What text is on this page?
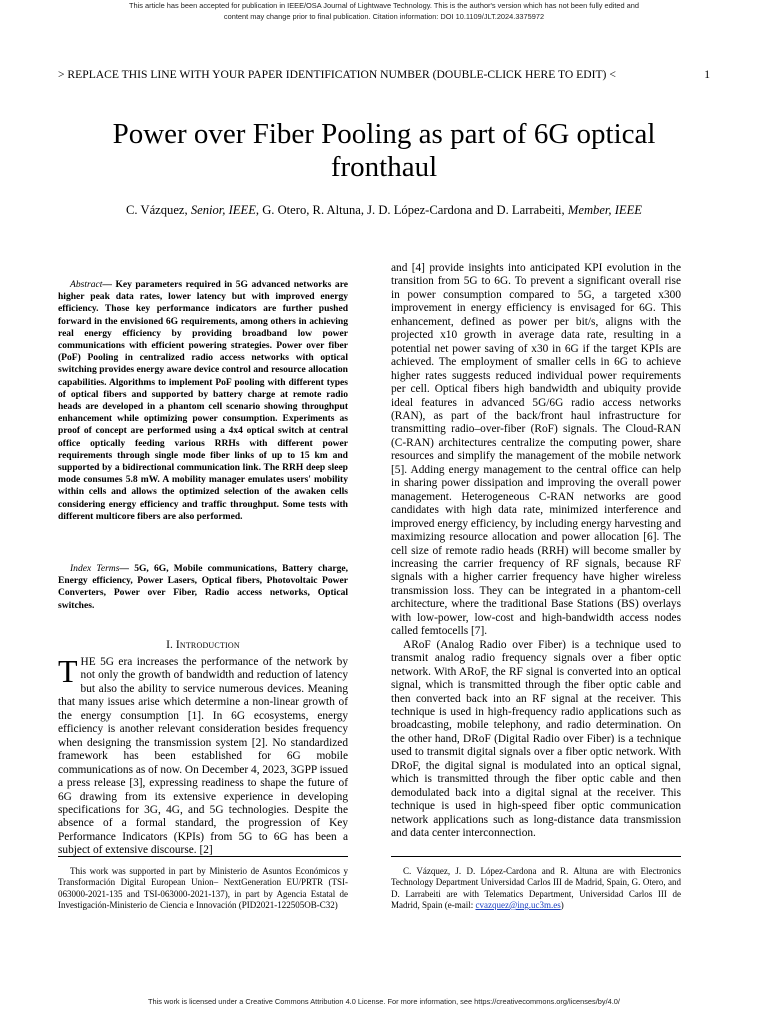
This article has been accepted for publication in IEEE/OSA Journal of Lightwave Technology. This is the author's version which has not been fully edited and
content may change prior to final publication. Citation information: DOI 10.1109/JLT.2024.3375972
> REPLACE THIS LINE WITH YOUR PAPER IDENTIFICATION NUMBER (DOUBLE-CLICK HERE TO EDIT) <	1
Power over Fiber Pooling as part of 6G optical fronthaul
C. Vázquez, Senior, IEEE, G. Otero, R. Altuna, J. D. López-Cardona and D. Larrabeiti, Member, IEEE
Abstract— Key parameters required in 5G advanced networks are higher peak data rates, lower latency but with improved energy efficiency. Those key performance indicators are further pushed forward in the envisioned 6G requirements, among others in achieving real energy efficiency by providing broadband low power communications with efficient powering strategies. Power over fiber (PoF) Pooling in centralized radio access networks with optical switching provides energy aware device control and resource allocation capabilities. Algorithms to implement PoF pooling with different types of optical fibers and supported by battery charge at remote radio heads are developed in a phantom cell scenario showing throughput enhancement while optimizing power consumption. Experiments as proof of concept are performed using a 4x4 optical switch at central office optically feeding various RRHs with different power requirements through single mode fiber links of up to 15 km and supported by a bidirectional communication link. The RRH deep sleep mode consumes 5.8 mW. A mobility manager emulates users' mobility within cells and allows the optimized selection of the awaken cells considering energy efficiency and traffic throughput. Some tests with different multicore fibers are also performed.
Index Terms— 5G, 6G, Mobile communications, Battery charge, Energy efficiency, Power Lasers, Optical fibers, Photovoltaic Power Converters, Power over Fiber, Radio access networks, Optical switches.
I. Introduction
THE 5G era increases the performance of the network by not only the growth of bandwidth and reduction of latency but also the ability to service numerous devices. Meaning that many issues arise which determine a non-linear growth of the energy consumption [1]. In 6G ecosystems, energy efficiency is another relevant consideration besides frequency when designing the transmission system [2]. No standardized framework has been established for 6G mobile communications as of now. On December 4, 2023, 3GPP issued a press release [3], expressing readiness to shape the future of 6G drawing from its extensive experience in developing specifications for 3G, 4G, and 5G technologies. Despite the absence of a formal standard, the progression of Key Performance Indicators (KPIs) from 5G to 6G has been a subject of extensive discourse. [2]

and [4] provide insights into anticipated KPI evolution in the transition from 5G to 6G. To prevent a significant overall rise in power consumption compared to 5G, a targeted x300 improvement in energy efficiency is envisaged for 6G. This enhancement, defined as power per bit/s, aligns with the projected x10 growth in average data rate, resulting in a potential net power saving of x30 in 6G if the target KPIs are achieved. The employment of smaller cells in 6G to achieve higher rates suggests reduced individual power requirements per cell. Optical fibers high bandwidth and ubiquity provide ideal features in advanced 5G/6G radio access networks (RAN), as part of the back/front haul infrastructure for transmitting radio–over-fiber (RoF) signals. The Cloud-RAN (C-RAN) architectures centralize the computing power, share resources and simplify the management of the mobile network [5]. Adding energy management to the central office can help in sharing power dissipation and improving the overall power management. Heterogeneous C-RAN networks are good candidates with high data rate, minimized interference and improved energy efficiency, by including energy harvesting and maximizing resource allocation and power allocation [6]. The cell size of remote radio heads (RRH) will become smaller by increasing the carrier frequency of RF signals, because RF signals with a higher carrier frequency have higher wireless transmission loss. They can be integrated in a phantom-cell architecture, where the traditional Base Stations (BS) overlays with low-power, low-cost and high-bandwidth access nodes called femtocells [7].

ARoF (Analog Radio over Fiber) is a technique used to transmit analog radio frequency signals over a fiber optic network. With ARoF, the RF signal is converted into an optical signal, which is transmitted through the fiber optic cable and then converted back into an RF signal at the receiver. This technique is used in high-frequency radio applications such as broadcasting, mobile telephony, and radio determination. On the other hand, DRoF (Digital Radio over Fiber) is a technique used to transmit digital signals over a fiber optic network. With DRoF, the digital signal is modulated into an optical signal, which is transmitted through the fiber optic cable and then demodulated back into a digital signal at the receiver. This technique is used in high-speed fiber optic communication network applications such as long-distance data transmission and data center interconnection.

This work was supported in part by Ministerio de Asuntos Económicos y Transformación Digital European Union– NextGeneration EU/PRTR (TSI-063000-2021-135 and TSI-063000-2021-137), in part by Agencia Estatal de Investigación-Ministerio de Ciencia e Innovación (PID2021-122505OB-C32)
C. Vázquez, J. D. López-Cardona and R. Altuna are with Electronics Technology Department Universidad Carlos III de Madrid, Spain, G. Otero, and D. Larrabeiti are with Telematics Department, Universidad Carlos III de Madrid, Spain (e-mail: cvazquez@ing.uc3m.es)
This work is licensed under a Creative Commons Attribution 4.0 License. For more information, see https://creativecommons.org/licenses/by/4.0/
